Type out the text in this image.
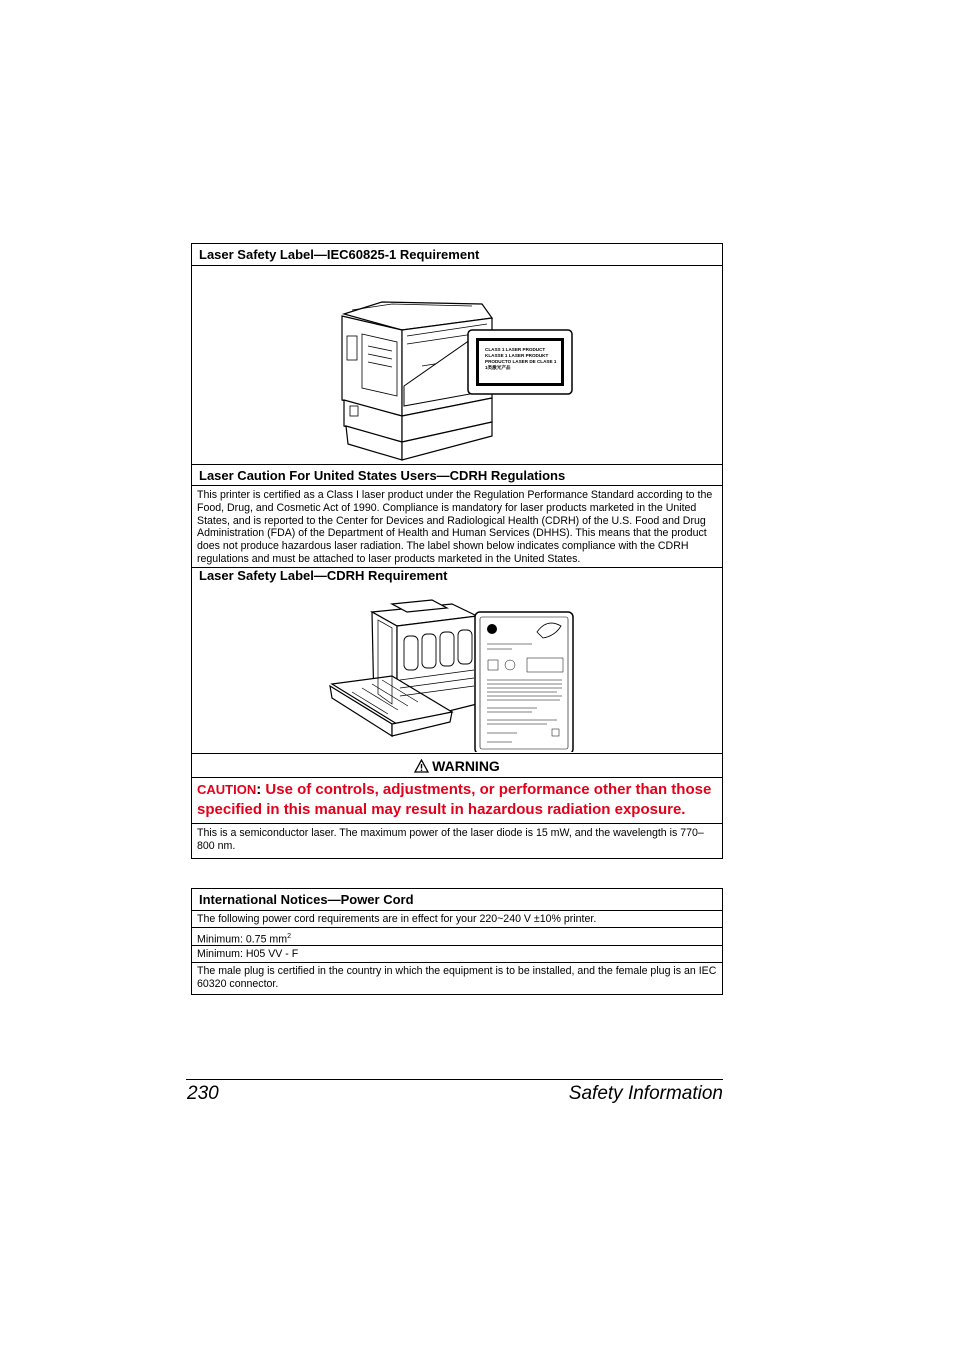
Laser Safety Label—IEC60825-1 Requirement
CLASS 1 LASER PRODUCT KLASSE 1 LASER PRODUKT PRODUCTO LASER DE CLASE 1 1类激光产品
Laser Caution For United States Users—CDRH Regulations
This printer is certified as a Class I laser product under the Regulation Performance Standard according to the Food, Drug, and Cosmetic Act of 1990. Compliance is mandatory for laser products marketed in the United States, and is reported to the Center for Devices and Radiological Health (CDRH) of the U.S. Food and Drug Administration (FDA) of the Department of Health and Human Services (DHHS). This means that the product does not produce hazardous laser radiation. The label shown below indicates compliance with the CDRH regulations and must be attached to laser products marketed in the United States.
Laser Safety Label—CDRH Requirement
WARNING
CAUTION: Use of controls, adjustments, or performance other than those specified in this manual may result in hazardous radiation exposure.
This is a semiconductor laser. The maximum power of the laser diode is 15 mW, and the wavelength is 770–800 nm.
International Notices—Power Cord
The following power cord requirements are in effect for your 220~240 V ±10% printer.
Minimum: 0.75 $mm^2$
Minimum: H05 VV - F
The male plug is certified in the country in which the equipment is to be installed, and the female plug is an IEC 60320 connector.
230	Safety Information
